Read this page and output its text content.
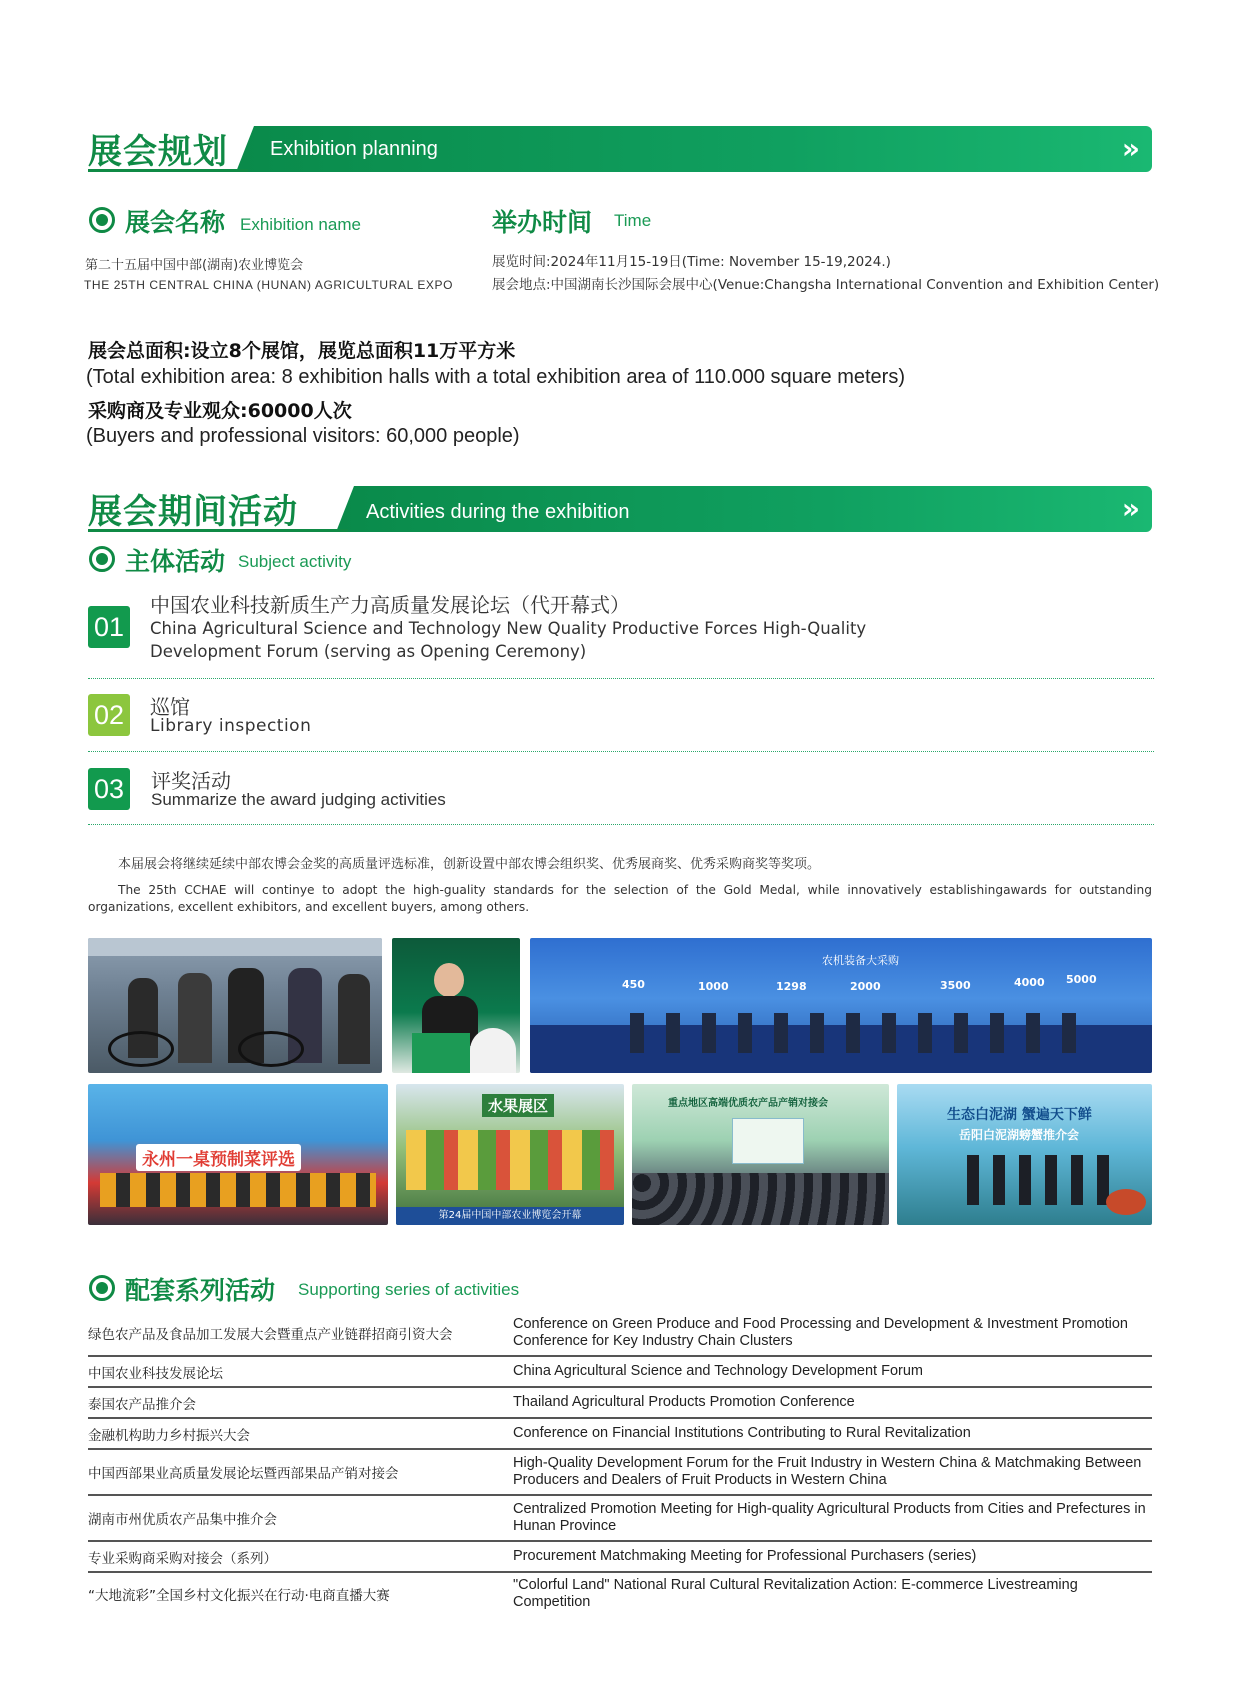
展会规划 Exhibition planning	»
展会名称 Exhibition name
第二十五届中国中部(湖南)农业博览会
THE 25TH CENTRAL CHINA (HUNAN) AGRICULTURAL EXPO
举办时间 Time
展览时间:2024年11月15-19日(Time: November 15-19,2024.)
展会地点:中国湖南长沙国际会展中心(Venue:Changsha International Convention and Exhibition Center)
展会总面积:设立8个展馆，展览总面积11万平方米
(Total exhibition area: 8 exhibition halls with a total exhibition area of 110.000 square meters)
采购商及专业观众:60000人次
(Buyers and professional visitors: 60,000 people)
展会期间活动	Activities during the exhibition	»
主体活动 Subject activity
01
中国农业科技新质生产力高质量发展论坛（代开幕式）
China Agricultural Science and Technology New Quality Productive Forces High-Quality
Development Forum (serving as Opening Ceremony)
02 巡馆
Library inspection
03 评奖活动
Summarize the award judging activities
本届展会将继续延续中部农博会金奖的高质量评选标准，创新设置中部农博会组织奖、优秀展商奖、优秀采购商奖等奖项。
The 25th CCHAE will continye to adopt the high-guality standards for the selection of the Gold Medal, while innovatively establishingawards for outstanding organizations, excellent exhibitors, and excellent buyers, among others.
农机装备大采购
450	1000	1298	2000	3500	4000 5000
永州一桌预制菜评选
水果展区
第24届中国中部农业博览会开幕
重点地区高端优质农产品产销对接会
生态白泥湖 蟹遍天下鲜
岳阳白泥湖螃蟹推介会
配套系列活动 Supporting series of activities
绿色农产品及食品加工发展大会暨重点产业链群招商引资大会	Conference on Green Produce and Food Processing and Development & Investment Promotion Conference for Key Industry Chain Clusters
中国农业科技发展论坛	China Agricultural Science and Technology Development Forum
泰国农产品推介会	Thailand Agricultural Products Promotion Conference
金融机构助力乡村振兴大会	Conference on Financial Institutions Contributing to Rural Revitalization
中国西部果业高质量发展论坛暨西部果品产销对接会	High-Quality Development Forum for the Fruit Industry in Western China & Matchmaking Between Producers and Dealers of Fruit Products in Western China
湖南市州优质农产品集中推介会	Centralized Promotion Meeting for High-quality Agricultural Products from Cities and Prefectures in Hunan Province
专业采购商采购对接会（系列）	Procurement Matchmaking Meeting for Professional Purchasers (series)
“大地流彩”全国乡村文化振兴在行动·电商直播大赛	"Colorful Land" National Rural Cultural Revitalization Action: E-commerce Livestreaming Competition
